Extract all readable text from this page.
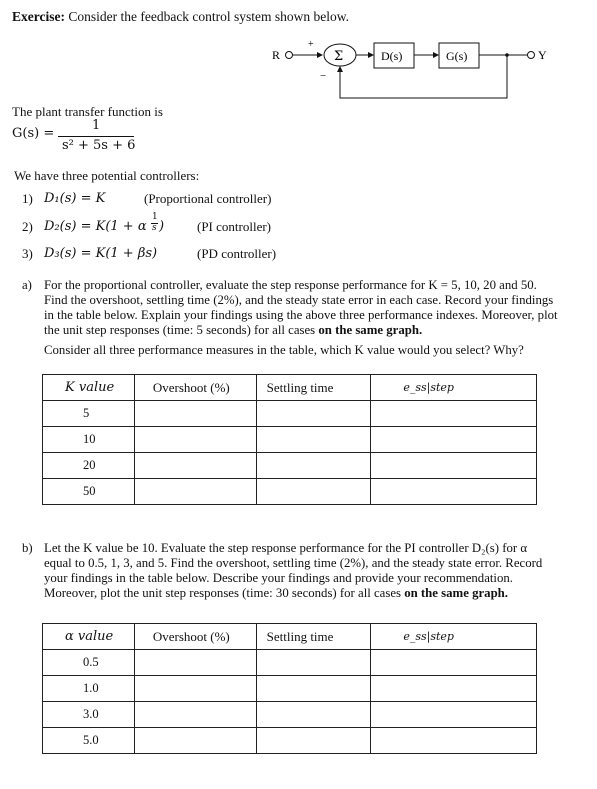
Exercise: Consider the feedback control system shown below.
R
+
Σ
−
D(s)	G(s)	Y
The plant transfer function is
G(s) =
1
s² + 5s + 6
We have three potential controllers:
1) D₁(s) = K	(Proportional controller)
2) D₂(s) = K(1 + α
1
s )	(PI controller)
3) D₃(s) = K(1 + βs)	(PD controller)
a) For the proportional controller, evaluate the step response performance for K = 5, 10, 20 and 50.
Find the overshoot, settling time (2%), and the steady state error in each case. Record your findings
in the table below. Explain your findings using the above three performance indexes. Moreover, plot
the unit step responses (time: 5 seconds) for all cases on the same graph.
Consider all three performance measures in the table, which K value would you select? Why?
K value	Overshoot (%)	Settling time	e_ss|step
5			
10			
20			
50			
b) Let the K value be 10. Evaluate the step response performance for the PI controller D₂(s) for α
equal to 0.5, 1, 3, and 5. Find the overshoot, settling time (2%), and the steady state error. Record
your findings in the table below. Describe your findings and provide your recommendation.
Moreover, plot the unit step responses (time: 30 seconds) for all cases on the same graph.
α value	Overshoot (%)	Settling time	e_ss|step
0.5			
1.0			
3.0			
5.0			
